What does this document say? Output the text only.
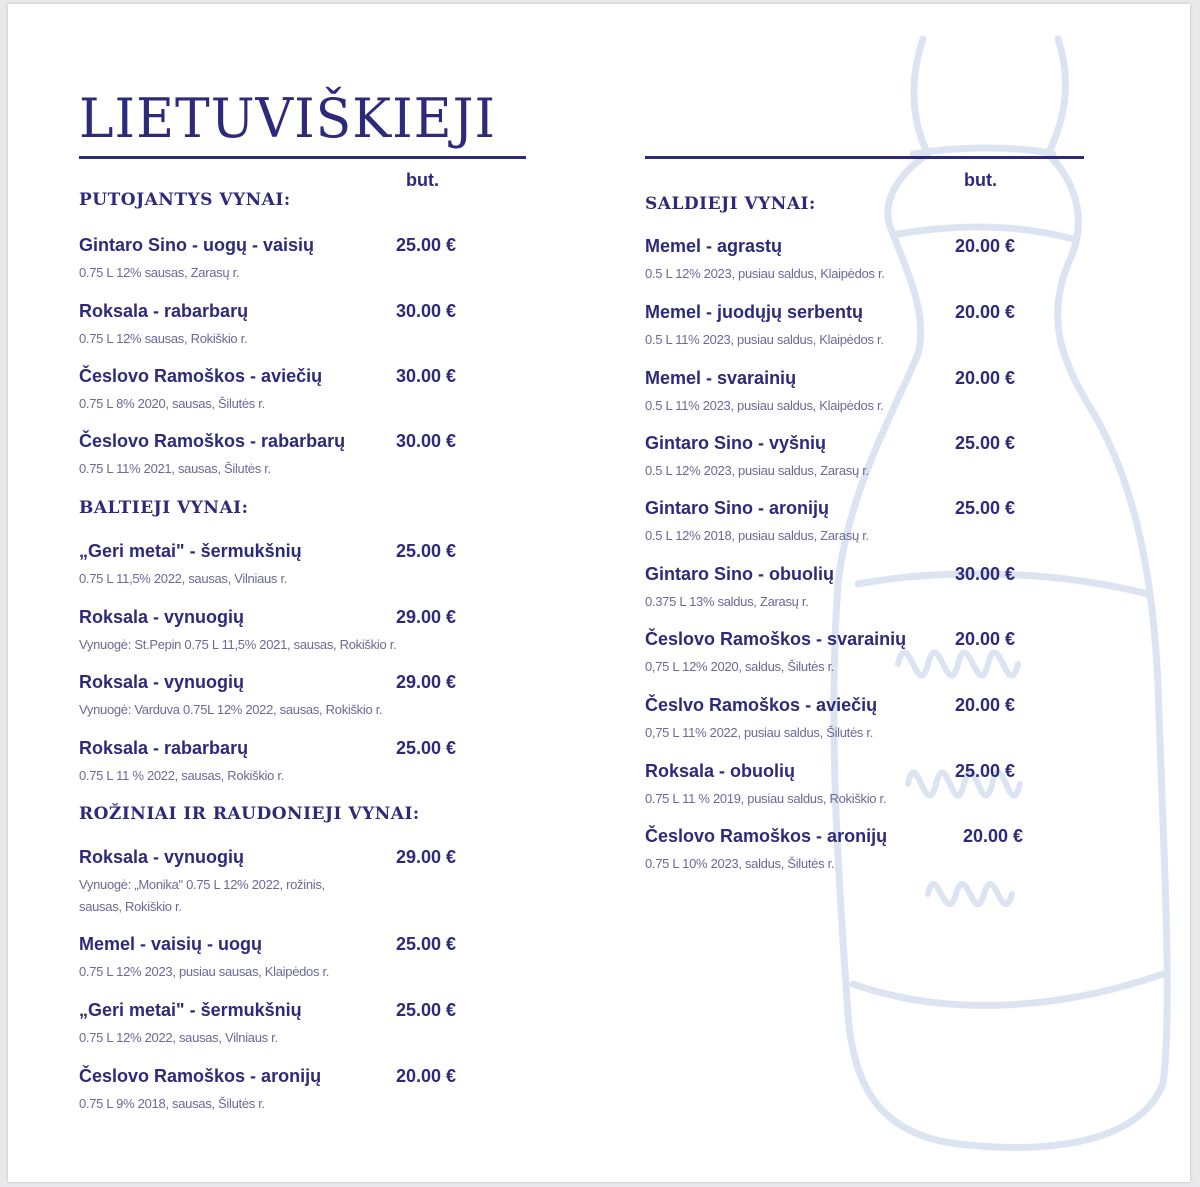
LIETUVIŠKIEJI
but.	but.
PUTOJANTYS VYNAI:
Gintaro Sino - uogų - vaisių	25.00 €
0.75 L 12% sausas, Zarasų r.
Roksala - rabarbarų	30.00 €
0.75 L 12% sausas, Rokiškio r.
Česlovo Ramoškos - aviečių	30.00 €
0.75 L 8% 2020, sausas, Šilutės r.
Česlovo Ramoškos - rabarbarų	30.00 €
0.75 L 11% 2021, sausas, Šilutės r.
BALTIEJI VYNAI:
„Geri metai" - šermukšnių	25.00 €
0.75 L 11,5% 2022, sausas, Vilniaus r.
Roksala - vynuogių	29.00 €
Vynuogė: St.Pepin 0.75 L 11,5% 2021, sausas, Rokiškio r.
Roksala - vynuogių	29.00 €
Vynuogė: Varduva 0.75L 12% 2022, sausas, Rokiškio r.
Roksala - rabarbarų	25.00 €
0.75 L 11 % 2022, sausas, Rokiškio r.
ROŽINIAI IR RAUDONIEJI VYNAI:
Roksala - vynuogių	29.00 €
Vynuogė: „Monika" 0.75 L 12% 2022, rožinis, sausas, Rokiškio r.
Memel - vaisių - uogų	25.00 €
0.75 L 12% 2023, pusiau sausas, Klaipėdos r.
„Geri metai" - šermukšnių	25.00 €
0.75 L 12% 2022, sausas, Vilniaus r.
Česlovo Ramoškos - aronijų	20.00 €
0.75 L 9% 2018, sausas, Šilutės r.
SALDIEJI VYNAI:
Memel - agrastų	20.00 €
0.5 L 12% 2023, pusiau saldus, Klaipėdos r.
Memel - juodųjų serbentų	20.00 €
0.5 L 11% 2023, pusiau saldus, Klaipėdos r.
Memel - svarainių	20.00 €
0.5 L 11% 2023, pusiau saldus, Klaipėdos r.
Gintaro Sino - vyšnių	25.00 €
0.5 L 12% 2023, pusiau saldus, Zarasų r.
Gintaro Sino - aronijų	25.00 €
0.5 L 12% 2018, pusiau saldus, Zarasų r.
Gintaro Sino - obuolių	30.00 €
0.375 L 13% saldus, Zarasų r.
Česlovo Ramoškos - svarainių	20.00 €
0,75 L 12% 2020, saldus, Šilutės r.
Česlvo Ramoškos - aviečių	20.00 €
0,75 L 11% 2022, pusiau saldus, Šilutės r.
Roksala - obuolių	25.00 €
0.75 L 11 % 2019, pusiau saldus, Rokiškio r.
Česlovo Ramoškos - aronijų	20.00 €
0.75 L 10% 2023, saldus, Šilutės r.
